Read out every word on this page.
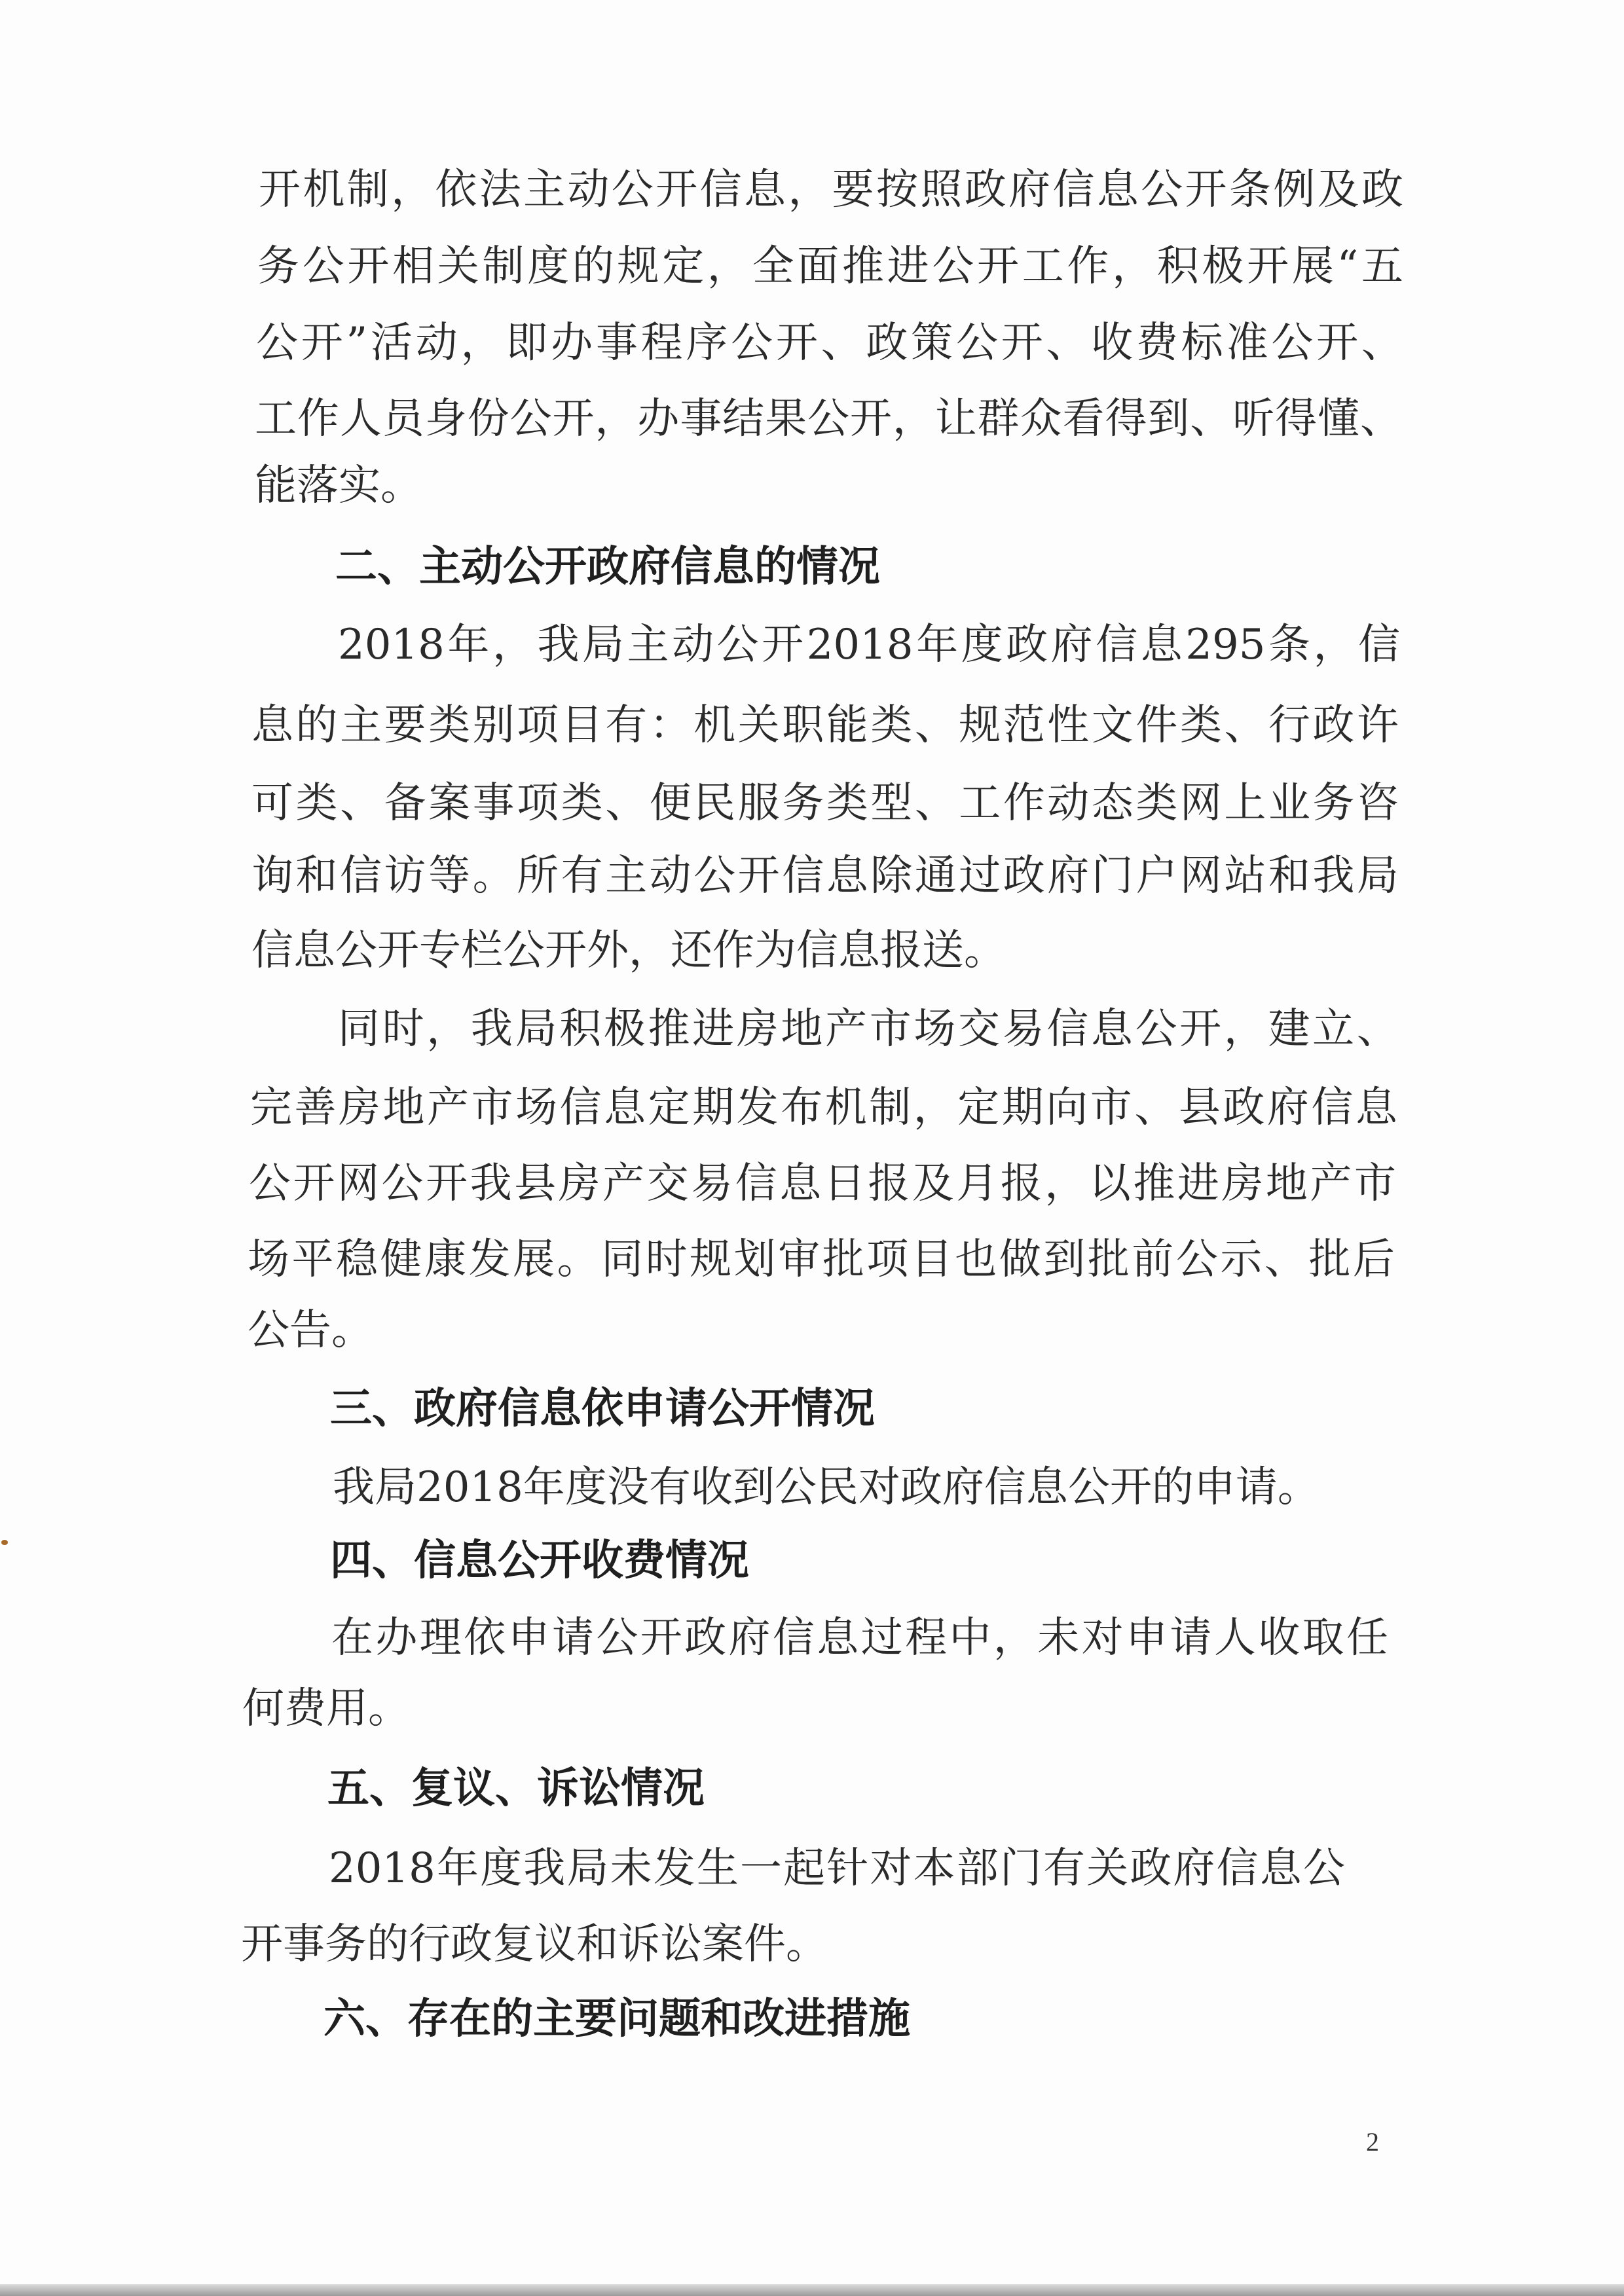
开 机 制 ， 依 法 主 动 公 开 信 息 ， 要 按 照 政 府 信 息 公 开 条 例 及 政
务 公 开 相 关 制 度 的 规 定 ， 全 面 推 进 公 开 工 作 ， 积 极 开 展 “ 五
公 开 ” 活 动 ， 即 办 事 程 序 公 开 、 政 策 公 开 、 收 费 标 准 公 开 、
工 作 人 员 身 份 公 开 ， 办 事 结 果 公 开 ， 让 群 众 看 得 到 、 听 得 懂 、
能落实。
二、主动公开政府信息的情况
2018 年 ， 我 局 主 动 公 开 2018 年 度 政 府 信 息 295 条 ， 信
息 的 主 要 类 别 项 目 有 ： 机 关 职 能 类 、 规 范 性 文 件 类 、 行 政 许
可 类 、 备 案 事 项 类 、 便 民 服 务 类 型 、 工 作 动 态 类 网 上 业 务 咨
询 和 信 访 等 。 所 有 主 动 公 开 信 息 除 通 过 政 府 门 户 网 站 和 我 局
信息公开专栏公开外，还作为信息报送。
同 时 ， 我 局 积 极 推 进 房 地 产 市 场 交 易 信 息 公 开 ， 建 立 、
完 善 房 地 产 市 场 信 息 定 期 发 布 机 制 ， 定 期 向 市 、 县 政 府 信 息
公 开 网 公 开 我 县 房 产 交 易 信 息 日 报 及 月 报 ， 以 推 进 房 地 产 市
场 平 稳 健 康 发 展 。 同 时 规 划 审 批 项 目 也 做 到 批 前 公 示 、 批 后
公告。
三、政府信息依申请公开情况
我局2018年度没有收到公民对政府信息公开的申请。
四、信息公开收费情况
在 办 理 依 申 请 公 开 政 府 信 息 过 程 中 ， 未 对 申 请 人 收 取 任
何费用。
五、复议、诉讼情况
2018 年 度 我 局 未 发 生 一 起 针 对 本 部 门 有 关 政 府 信 息 公
开事务的行政复议和诉讼案件。
六、存在的主要问题和改进措施
2
